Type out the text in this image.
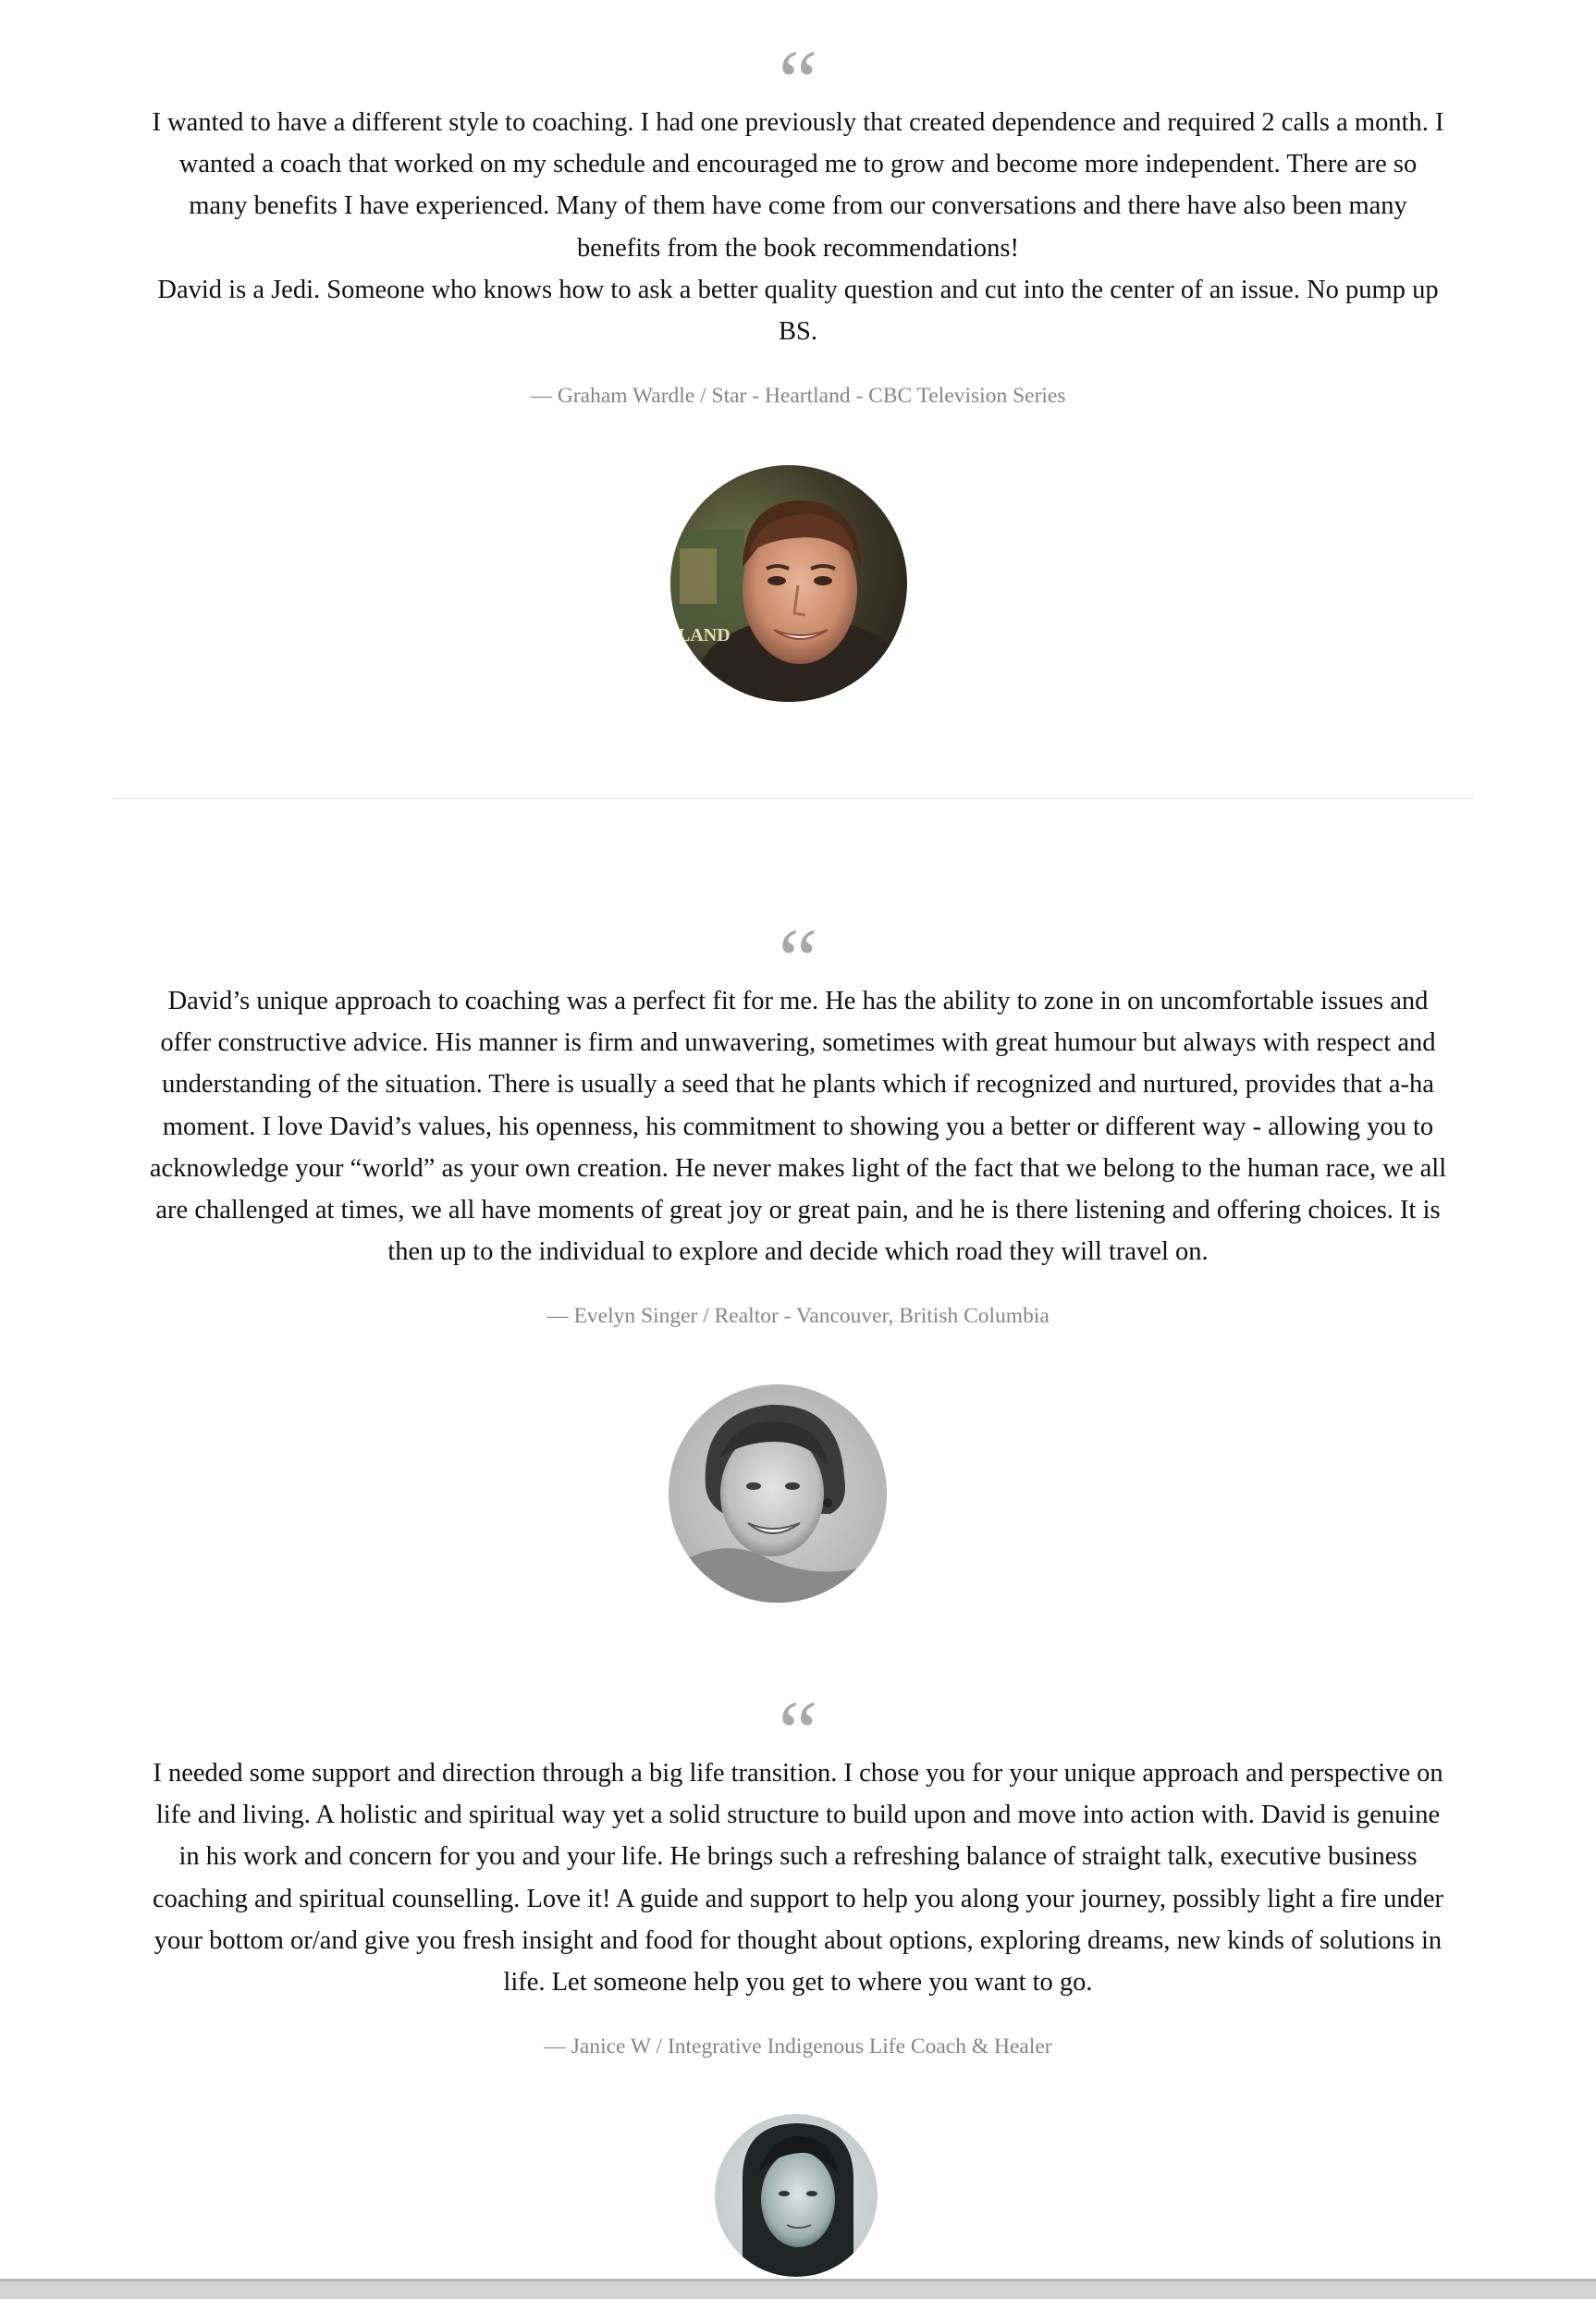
“

I wanted to have a different style to coaching. I had one previously that created dependence and required 2 calls a month. I wanted a coach that worked on my schedule and encouraged me to grow and become more independent. There are so many benefits I have experienced. Many of them have come from our conversations and there have also been many benefits from the book recommendations!

David is a Jedi. Someone who knows how to ask a better quality question and cut into the center of an issue. No pump up BS.

— Graham Wardle / Star - Heartland - CBC Television Series
LAND
“

David’s unique approach to coaching was a perfect fit for me. He has the ability to zone in on uncomfortable issues and offer constructive advice. His manner is firm and unwavering, sometimes with great humour but always with respect and understanding of the situation. There is usually a seed that he plants which if recognized and nurtured, provides that a-ha moment. I love David’s values, his openness, his commitment to showing you a better or different way - allowing you to acknowledge your “world” as your own creation. He never makes light of the fact that we belong to the human race, we all are challenged at times, we all have moments of great joy or great pain, and he is there listening and offering choices. It is then up to the individual to explore and decide which road they will travel on.

— Evelyn Singer / Realtor - Vancouver, British Columbia
“

I needed some support and direction through a big life transition. I chose you for your unique approach and perspective on life and living. A holistic and spiritual way yet a solid structure to build upon and move into action with. David is genuine in his work and concern for you and your life. He brings such a refreshing balance of straight talk, executive business coaching and spiritual counselling. Love it! A guide and support to help you along your journey, possibly light a fire under your bottom or/and give you fresh insight and food for thought about options, exploring dreams, new kinds of solutions in life. Let someone help you get to where you want to go.

— Janice W / Integrative Indigenous Life Coach & Healer
